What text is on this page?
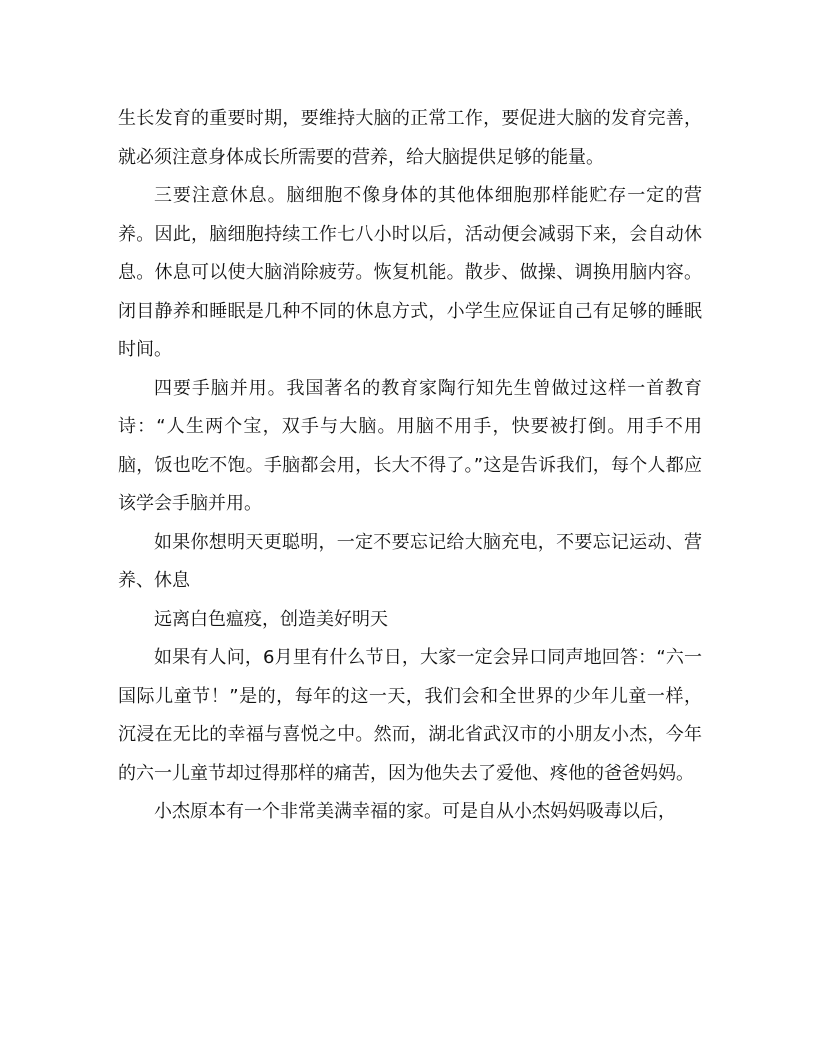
生长发育的重要时期，要维持大脑的正常工作，要促进大脑的发育完善，就必须注意身体成长所需要的营养，给大脑提供足够的能量。

三要注意休息。脑细胞不像身体的其他体细胞那样能贮存一定的营养。因此，脑细胞持续工作七八小时以后，活动便会减弱下来，会自动休息。休息可以使大脑消除疲劳。恢复机能。散步、做操、调换用脑内容。闭目静养和睡眠是几种不同的休息方式，小学生应保证自己有足够的睡眠时间。

四要手脑并用。我国著名的教育家陶行知先生曾做过这样一首教育诗：“人生两个宝，双手与大脑。用脑不用手，快要被打倒。用手不用脑，饭也吃不饱。手脑都会用，长大不得了。”这是告诉我们，每个人都应该学会手脑并用。

如果你想明天更聪明，一定不要忘记给大脑充电，不要忘记运动、营养、休息

远离白色瘟疫，创造美好明天

如果有人问，6月里有什么节日，大家一定会异口同声地回答：“六一国际儿童节！”是的，每年的这一天，我们会和全世界的少年儿童一样，沉浸在无比的幸福与喜悦之中。然而，湖北省武汉市的小朋友小杰，今年的六一儿童节却过得那样的痛苦，因为他失去了爱他、疼他的爸爸妈妈。

小杰原本有一个非常美满幸福的家。可是自从小杰妈妈吸毒以后，
